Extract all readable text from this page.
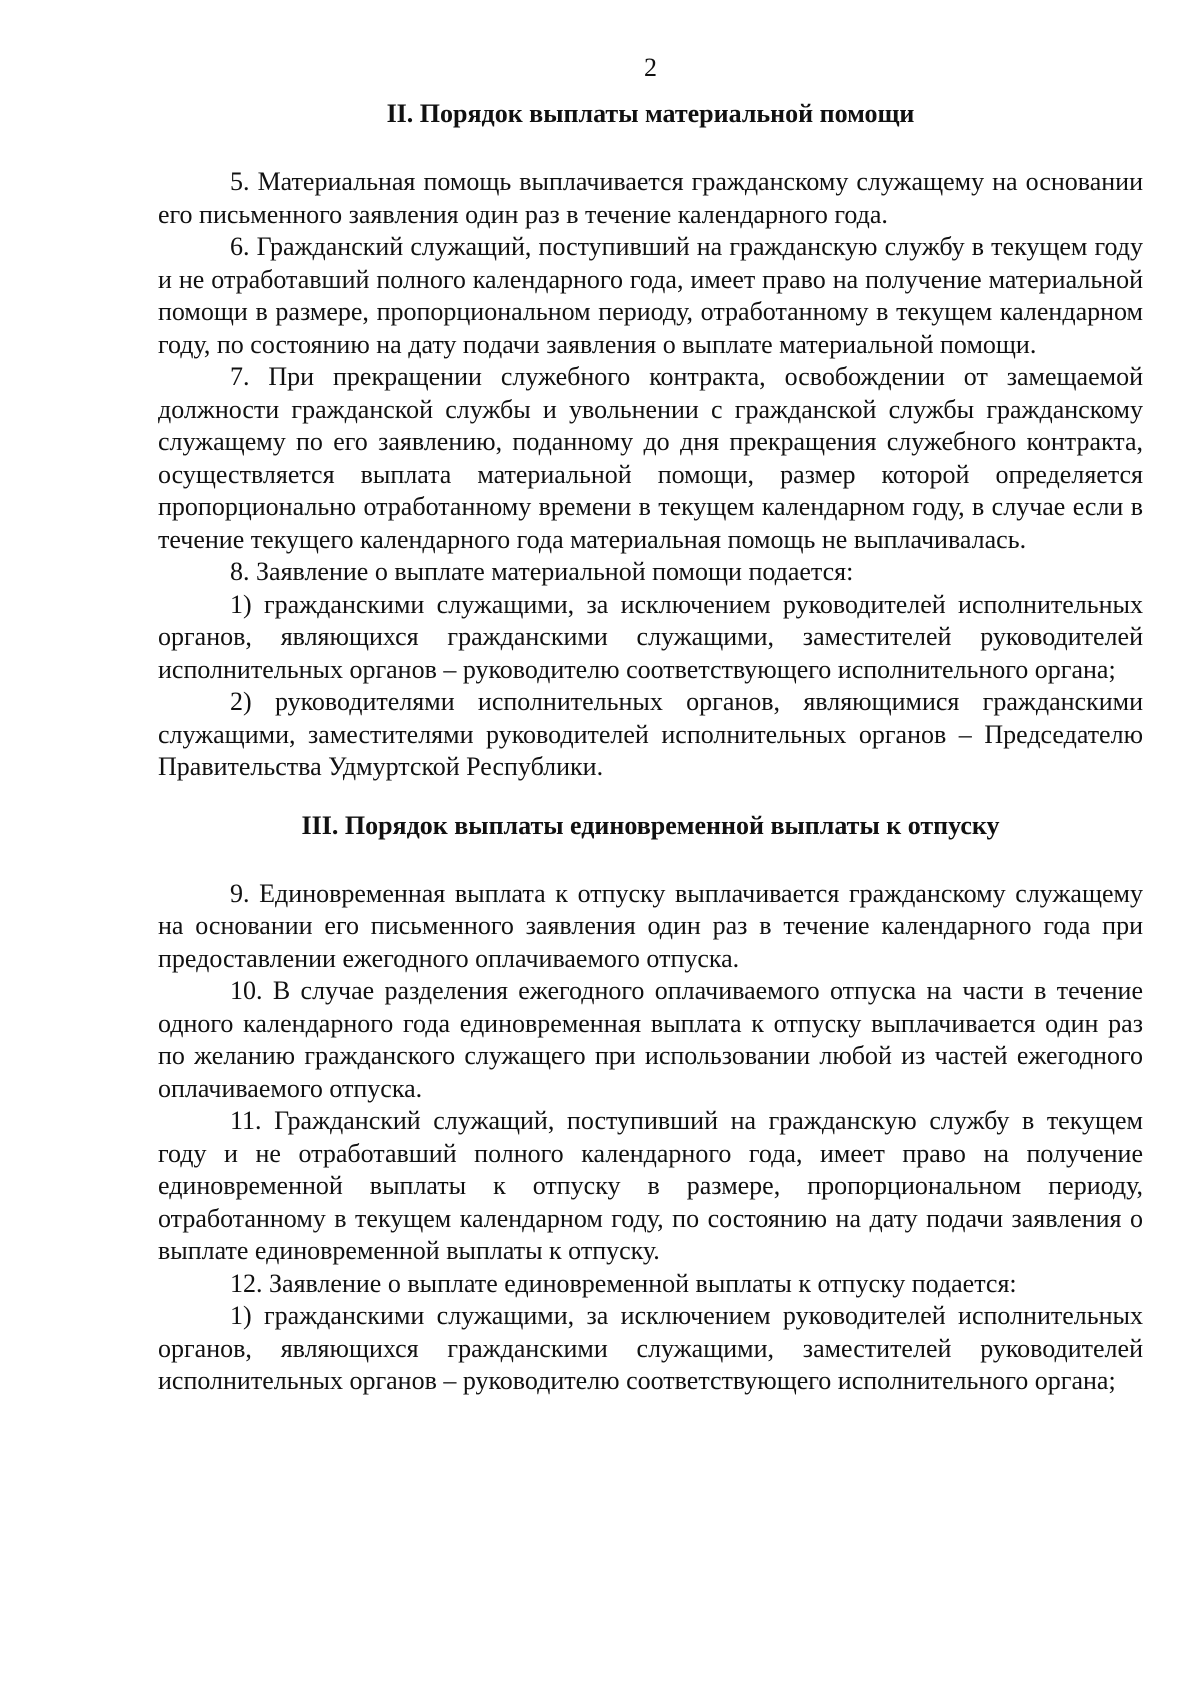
2
II. Порядок выплаты материальной помощи

5. Материальная помощь выплачивается гражданскому служащему на основании его письменного заявления один раз в течение календарного года.

6. Гражданский служащий, поступивший на гражданскую службу в текущем году и не отработавший полного календарного года, имеет право на получение материальной помощи в размере, пропорциональном периоду, отработанному в текущем календарном году, по состоянию на дату подачи заявления о выплате материальной помощи.

7. При прекращении служебного контракта, освобождении от замещаемой должности гражданской службы и увольнении с гражданской службы гражданскому служащему по его заявлению, поданному до дня прекращения служебного контракта, осуществляется выплата материальной помощи, размер которой определяется пропорционально отработанному времени в текущем календарном году, в случае если в течение текущего календарного года материальная помощь не выплачивалась.

8. Заявление о выплате материальной помощи подается:

1) гражданскими служащими, за исключением руководителей исполнительных органов, являющихся гражданскими служащими, заместителей руководителей исполнительных органов – руководителю соответствующего исполнительного органа;

2) руководителями исполнительных органов, являющимися гражданскими служащими, заместителями руководителей исполнительных органов – Председателю Правительства Удмуртской Республики.

III. Порядок выплаты единовременной выплаты к отпуску

9. Единовременная выплата к отпуску выплачивается гражданскому служащему на основании его письменного заявления один раз в течение календарного года при предоставлении ежегодного оплачиваемого отпуска.

10. В случае разделения ежегодного оплачиваемого отпуска на части в течение одного календарного года единовременная выплата к отпуску выплачивается один раз по желанию гражданского служащего при использовании любой из частей ежегодного оплачиваемого отпуска.

11. Гражданский служащий, поступивший на гражданскую службу в текущем году и не отработавший полного календарного года, имеет право на получение единовременной выплаты к отпуску в размере, пропорциональном периоду, отработанному в текущем календарном году, по состоянию на дату подачи заявления о выплате единовременной выплаты к отпуску.

12. Заявление о выплате единовременной выплаты к отпуску подается:

1) гражданскими служащими, за исключением руководителей исполнительных органов, являющихся гражданскими служащими, заместителей руководителей исполнительных органов – руководителю соответствующего исполнительного органа;
